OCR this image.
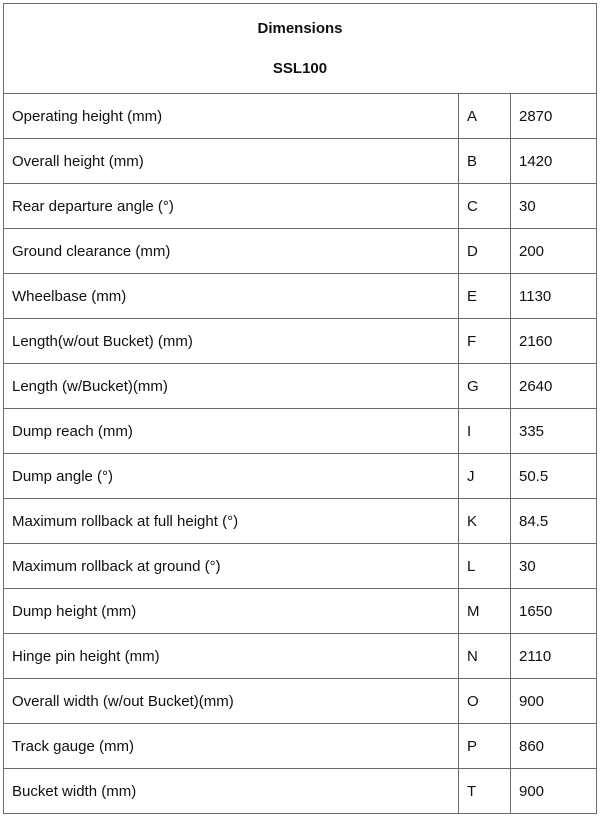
Dimensions
SSL100		

Operating height (mm)	A	2870
Overall height (mm)	B	1420
Rear departure angle (°)	C	30
Ground clearance (mm)	D	200
Wheelbase (mm)	E	1130
Length(w/out Bucket) (mm)	F	2160
Length (w/Bucket)(mm)	G	2640
Dump reach (mm)	I	335
Dump angle (°)	J	50.5
Maximum rollback at full height (°)	K	84.5
Maximum rollback at ground (°)	L	30
Dump height (mm)	M	1650
Hinge pin height (mm)	N	2110
Overall width (w/out Bucket)(mm)	O	900
Track gauge (mm)	P	860
Bucket width (mm)	T	900
